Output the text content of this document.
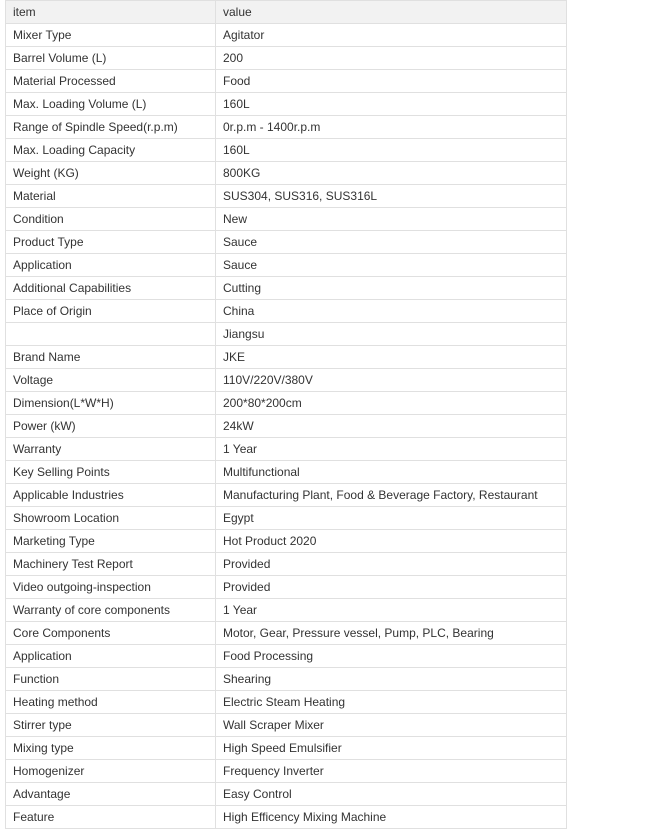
item	value
Mixer Type	Agitator
Barrel Volume (L)	200
Material Processed	Food
Max. Loading Volume (L)	160L
Range of Spindle Speed(r.p.m)	0r.p.m - 1400r.p.m
Max. Loading Capacity	160L
Weight (KG)	800KG
Material	SUS304, SUS316, SUS316L
Condition	New
Product Type	Sauce
Application	Sauce
Additional Capabilities	Cutting
Place of Origin	China
	Jiangsu
Brand Name	JKE
Voltage	110V/220V/380V
Dimension(L*W*H)	200*80*200cm
Power (kW)	24kW
Warranty	1 Year
Key Selling Points	Multifunctional
Applicable Industries	Manufacturing Plant, Food & Beverage Factory, Restaurant
Showroom Location	Egypt
Marketing Type	Hot Product 2020
Machinery Test Report	Provided
Video outgoing-inspection	Provided
Warranty of core components	1 Year
Core Components	Motor, Gear, Pressure vessel, Pump, PLC, Bearing
Application	Food Processing
Function	Shearing
Heating method	Electric Steam Heating
Stirrer type	Wall Scraper Mixer
Mixing type	High Speed Emulsifier
Homogenizer	Frequency Inverter
Advantage	Easy Control
Feature	High Efficency Mixing Machine
